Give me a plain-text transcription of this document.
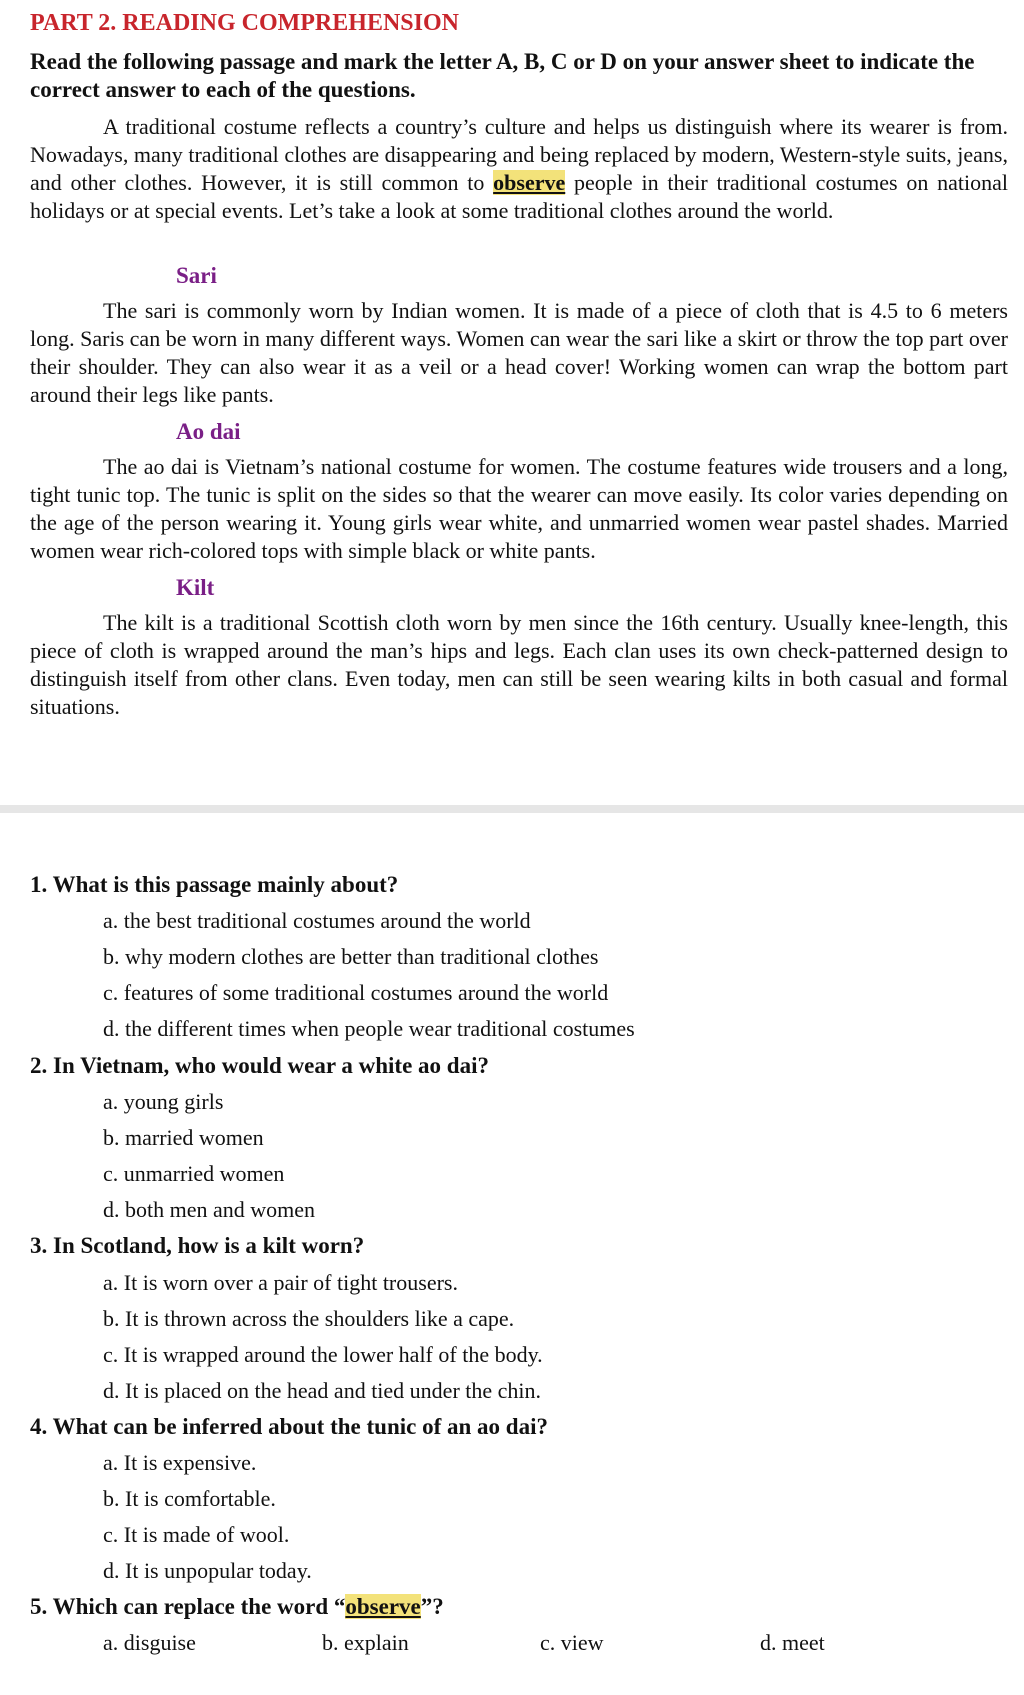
PART 2. READING COMPREHENSION

Read the following passage and mark the letter A, B, C or D on your answer sheet to indicate the correct answer to each of the questions.

A traditional costume reflects a country’s culture and helps us distinguish where its wearer is from. Nowadays, many traditional clothes are disappearing and being replaced by modern, Western-style suits, jeans, and other clothes. However, it is still common to observe people in their traditional costumes on national holidays or at special events. Let’s take a look at some traditional clothes around the world.

Sari

The sari is commonly worn by Indian women. It is made of a piece of cloth that is 4.5 to 6 meters long. Saris can be worn in many different ways. Women can wear the sari like a skirt or throw the top part over their shoulder. They can also wear it as a veil or a head cover! Working women can wrap the bottom part around their legs like pants.

Ao dai

The ao dai is Vietnam’s national costume for women. The costume features wide trousers and a long, tight tunic top. The tunic is split on the sides so that the wearer can move easily. Its color varies depending on the age of the person wearing it. Young girls wear white, and unmarried women wear pastel shades. Married women wear rich-colored tops with simple black or white pants.

Kilt

The kilt is a traditional Scottish cloth worn by men since the 16th century. Usually knee-length, this piece of cloth is wrapped around the man’s hips and legs. Each clan uses its own check-patterned design to distinguish itself from other clans. Even today, men can still be seen wearing kilts in both casual and formal situations.

1. What is this passage mainly about?

a. the best traditional costumes around the world

b. why modern clothes are better than traditional clothes

c. features of some traditional costumes around the world

d. the different times when people wear traditional costumes

2. In Vietnam, who would wear a white ao dai?

a. young girls

b. married women

c. unmarried women

d. both men and women

3. In Scotland, how is a kilt worn?

a. It is worn over a pair of tight trousers.

b. It is thrown across the shoulders like a cape.

c. It is wrapped around the lower half of the body.

d. It is placed on the head and tied under the chin.

4. What can be inferred about the tunic of an ao dai?

a. It is expensive.

b. It is comfortable.

c. It is made of wool.

d. It is unpopular today.

5. Which can replace the word “observe”?

a. disguise	b. explain	c. view	d. meet
